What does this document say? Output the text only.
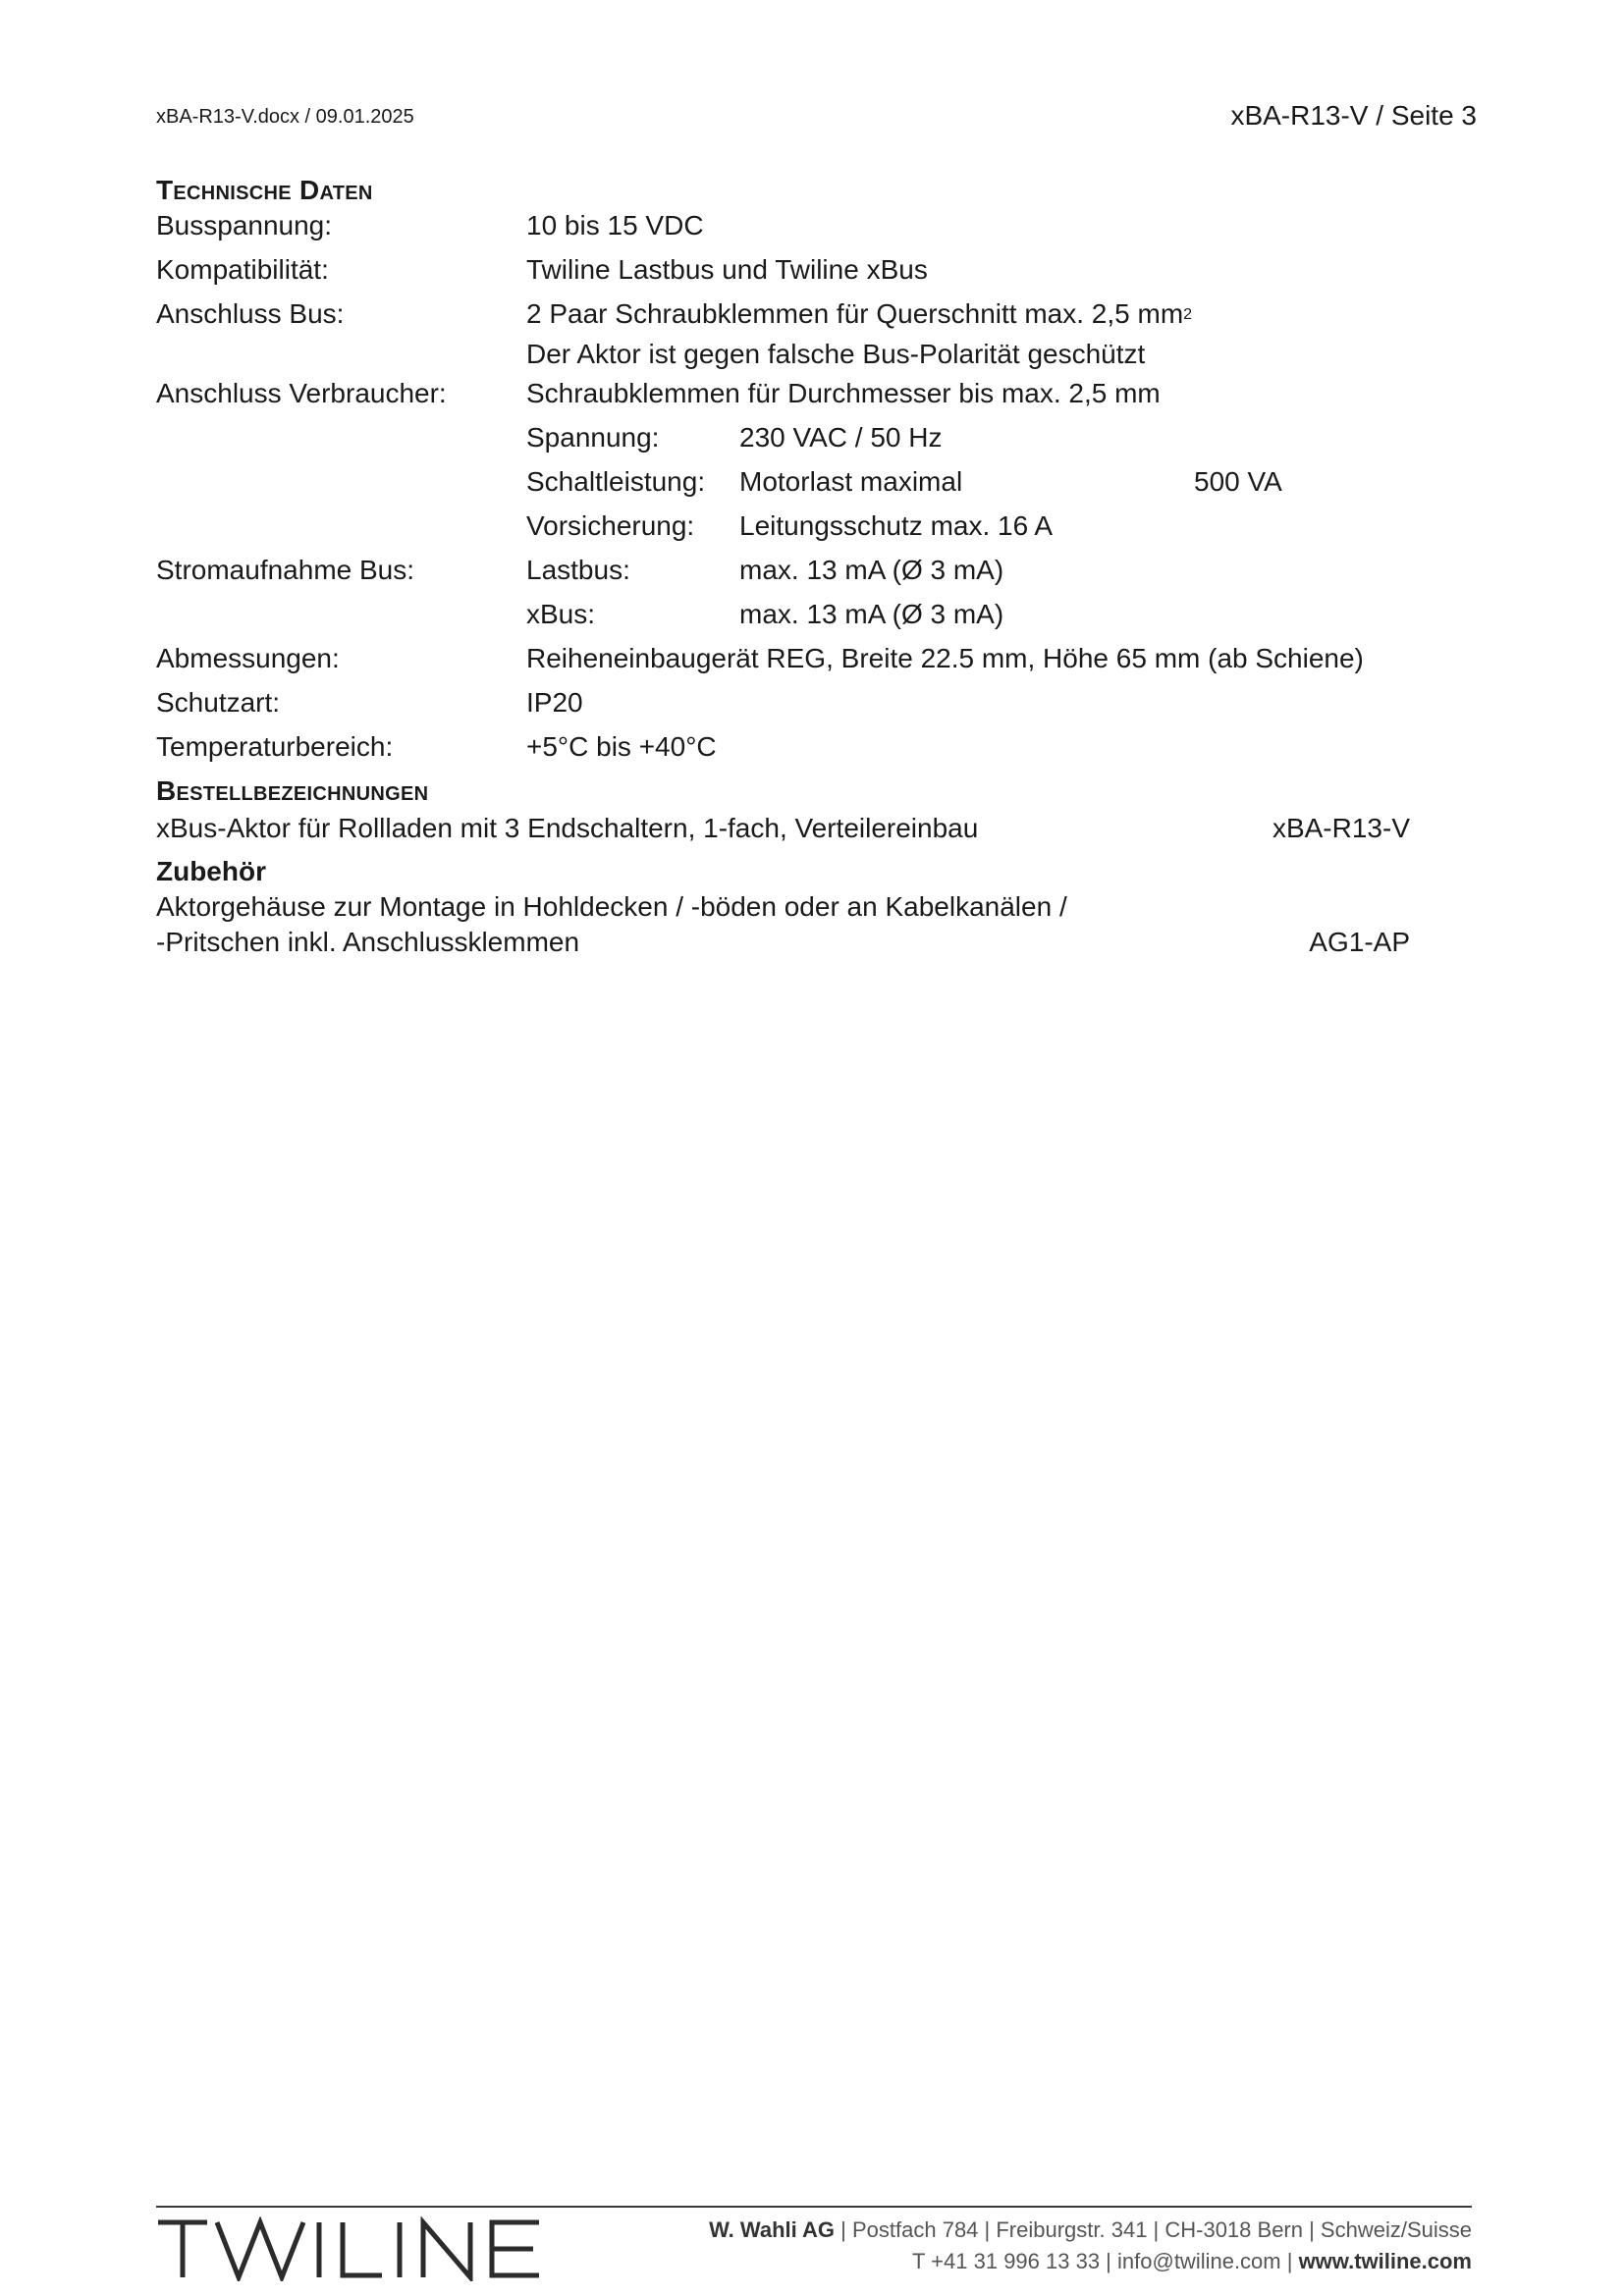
xBA-R13-V.docx / 09.01.2025	xBA-R13-V / Seite 3
Technische Daten
Busspannung:	10 bis 15 VDC
Kompatibilität:	Twiline Lastbus und Twiline xBus
Anschluss Bus:	2 Paar Schraubklemmen für Querschnitt max. 2,5 $mm^2$
Der Aktor ist gegen falsche Bus-Polarität geschützt
Anschluss Verbraucher:	Schraubklemmen für Durchmesser bis max. 2,5 mm
Spannung:	230 VAC / 50 Hz
Schaltleistung: Motorlast maximal	500 VA
Vorsicherung: Leitungsschutz max. 16 A
Stromaufnahme Bus:	Lastbus:	max. 13 mA (Ø 3 mA)
xBus:	max. 13 mA (Ø 3 mA)
Abmessungen:	Reiheneinbaugerät REG, Breite 22.5 mm, Höhe 65 mm (ab Schiene)
Schutzart:	IP20
Temperaturbereich:	+5°C bis +40°C
Bestellbezeichnungen
xBus-Aktor für Rollladen mit 3 Endschaltern, 1-fach, Verteilereinbau	xBA-R13-V
Zubehör
Aktorgehäuse zur Montage in Hohldecken / -böden oder an Kabelkanälen /
-Pritschen inkl. Anschlussklemmen	AG1-AP
W. Wahli AG | Postfach 784 | Freiburgstr. 341 | CH-3018 Bern | Schweiz/Suisse
T +41 31 996 13 33 | info@twiline.com | www.twiline.com
